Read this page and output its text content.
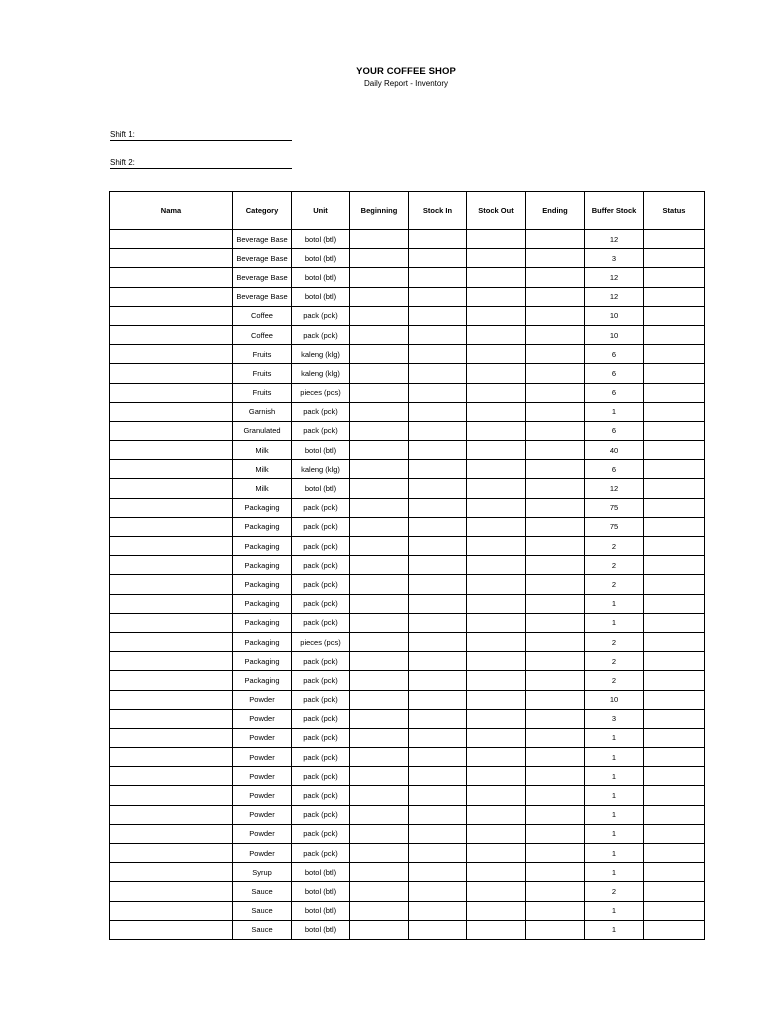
YOUR COFFEE SHOP
Daily Report - Inventory
Shift 1:
Shift 2:
Nama	Category	Unit	Beginning	Stock In	Stock Out	Ending	Buffer Stock	Status
	Beverage Base	botol (btl)					12	
	Beverage Base	botol (btl)					3	
	Beverage Base	botol (btl)					12	
	Beverage Base	botol (btl)					12	
	Coffee	pack (pck)					10	
	Coffee	pack (pck)					10	
	Fruits	kaleng (klg)					6	
	Fruits	kaleng (klg)					6	
	Fruits	pieces (pcs)					6	
	Garnish	pack (pck)					1	
	Granulated	pack (pck)					6	
	Milk	botol (btl)					40	
	Milk	kaleng (klg)					6	
	Milk	botol (btl)					12	
	Packaging	pack (pck)					75	
	Packaging	pack (pck)					75	
	Packaging	pack (pck)					2	
	Packaging	pack (pck)					2	
	Packaging	pack (pck)					2	
	Packaging	pack (pck)					1	
	Packaging	pack (pck)					1	
	Packaging	pieces (pcs)					2	
	Packaging	pack (pck)					2	
	Packaging	pack (pck)					2	
	Powder	pack (pck)					10	
	Powder	pack (pck)					3	
	Powder	pack (pck)					1	
	Powder	pack (pck)					1	
	Powder	pack (pck)					1	
	Powder	pack (pck)					1	
	Powder	pack (pck)					1	
	Powder	pack (pck)					1	
	Powder	pack (pck)					1	
	Syrup	botol (btl)					1	
	Sauce	botol (btl)					2	
	Sauce	botol (btl)					1	
	Sauce	botol (btl)					1	
